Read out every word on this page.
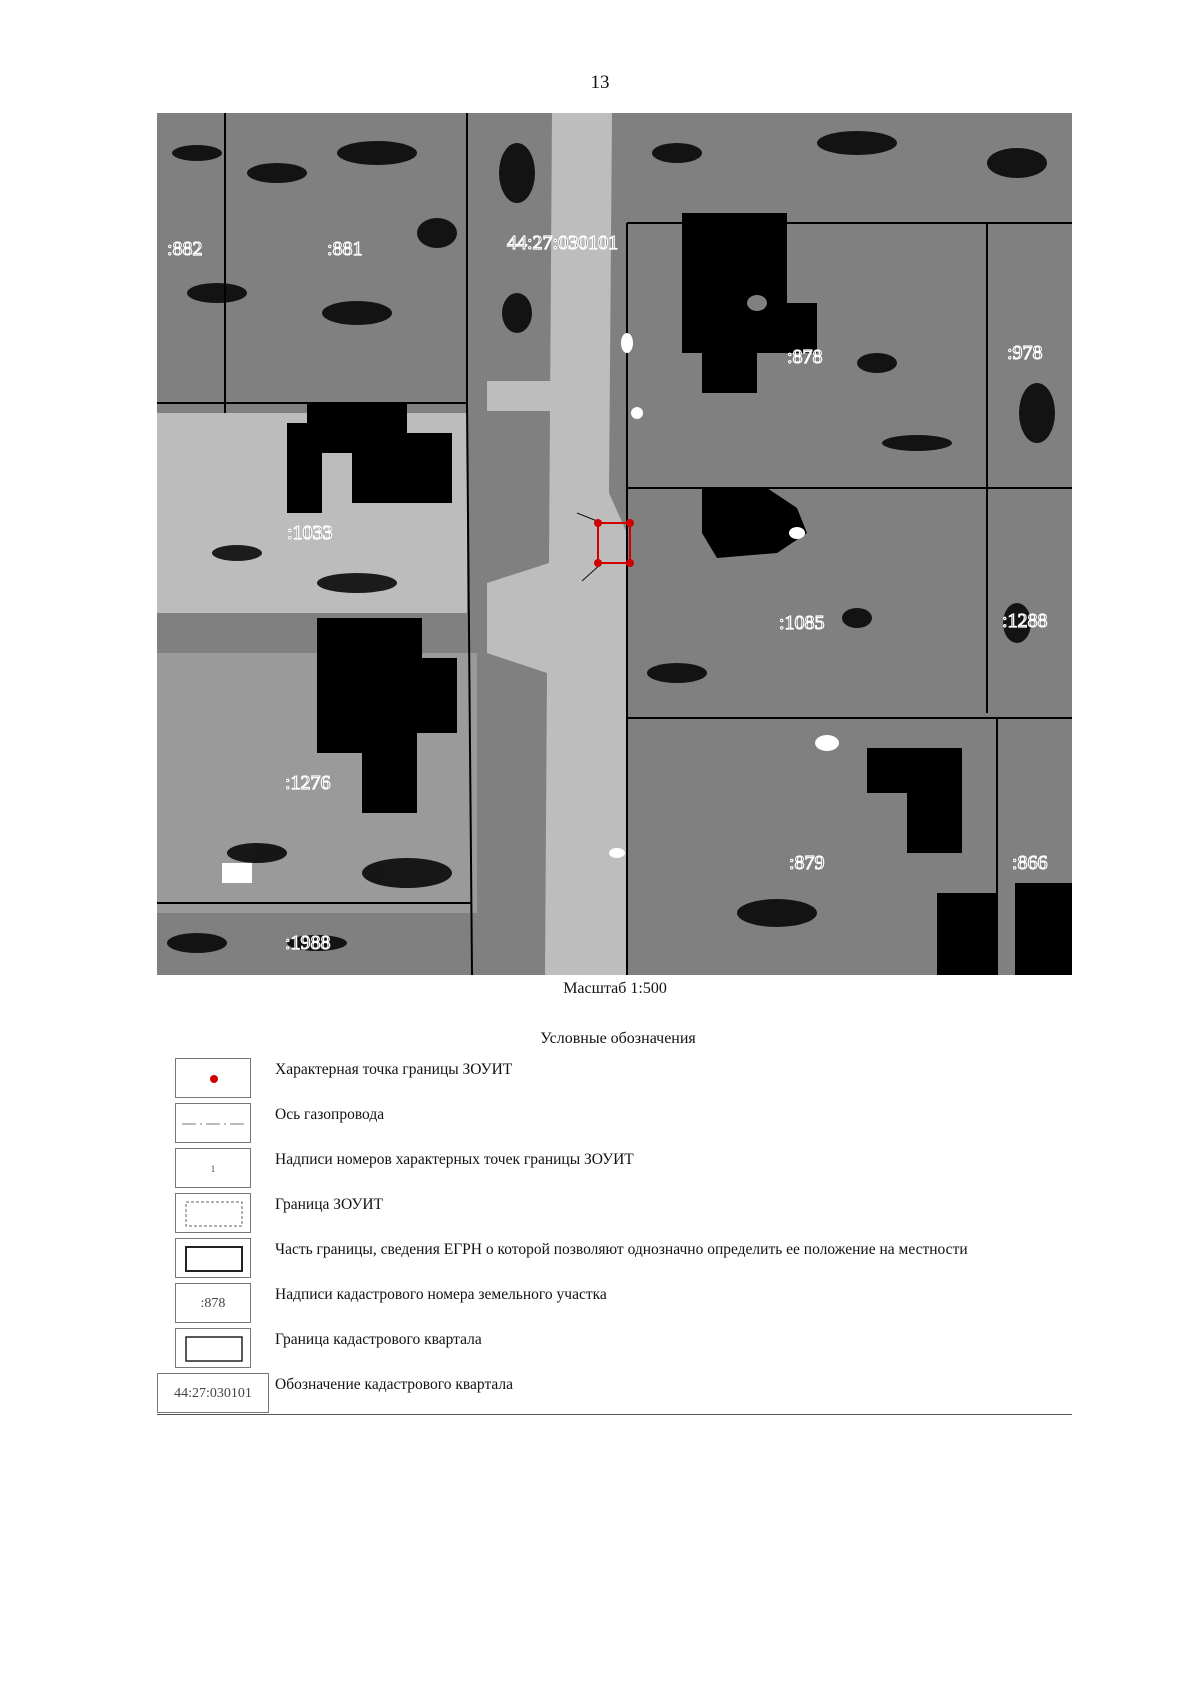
13
44:27:030101
:882	:881
:878	:978
:1033
:1085	:1288
:1276
:879	:866
:1988
Масштаб 1:500
Условные обозначения
Характерная точка границы ЗОУИТ
Ось газопровода
1
Надписи номеров характерных точек границы ЗОУИТ
Граница ЗОУИТ
Часть границы, сведения ЕГРН о которой позволяют однозначно определить ее положение на местности
:878
Надписи кадастрового номера земельного участка
Граница кадастрового квартала
44:27:030101
Обозначение кадастрового квартала
